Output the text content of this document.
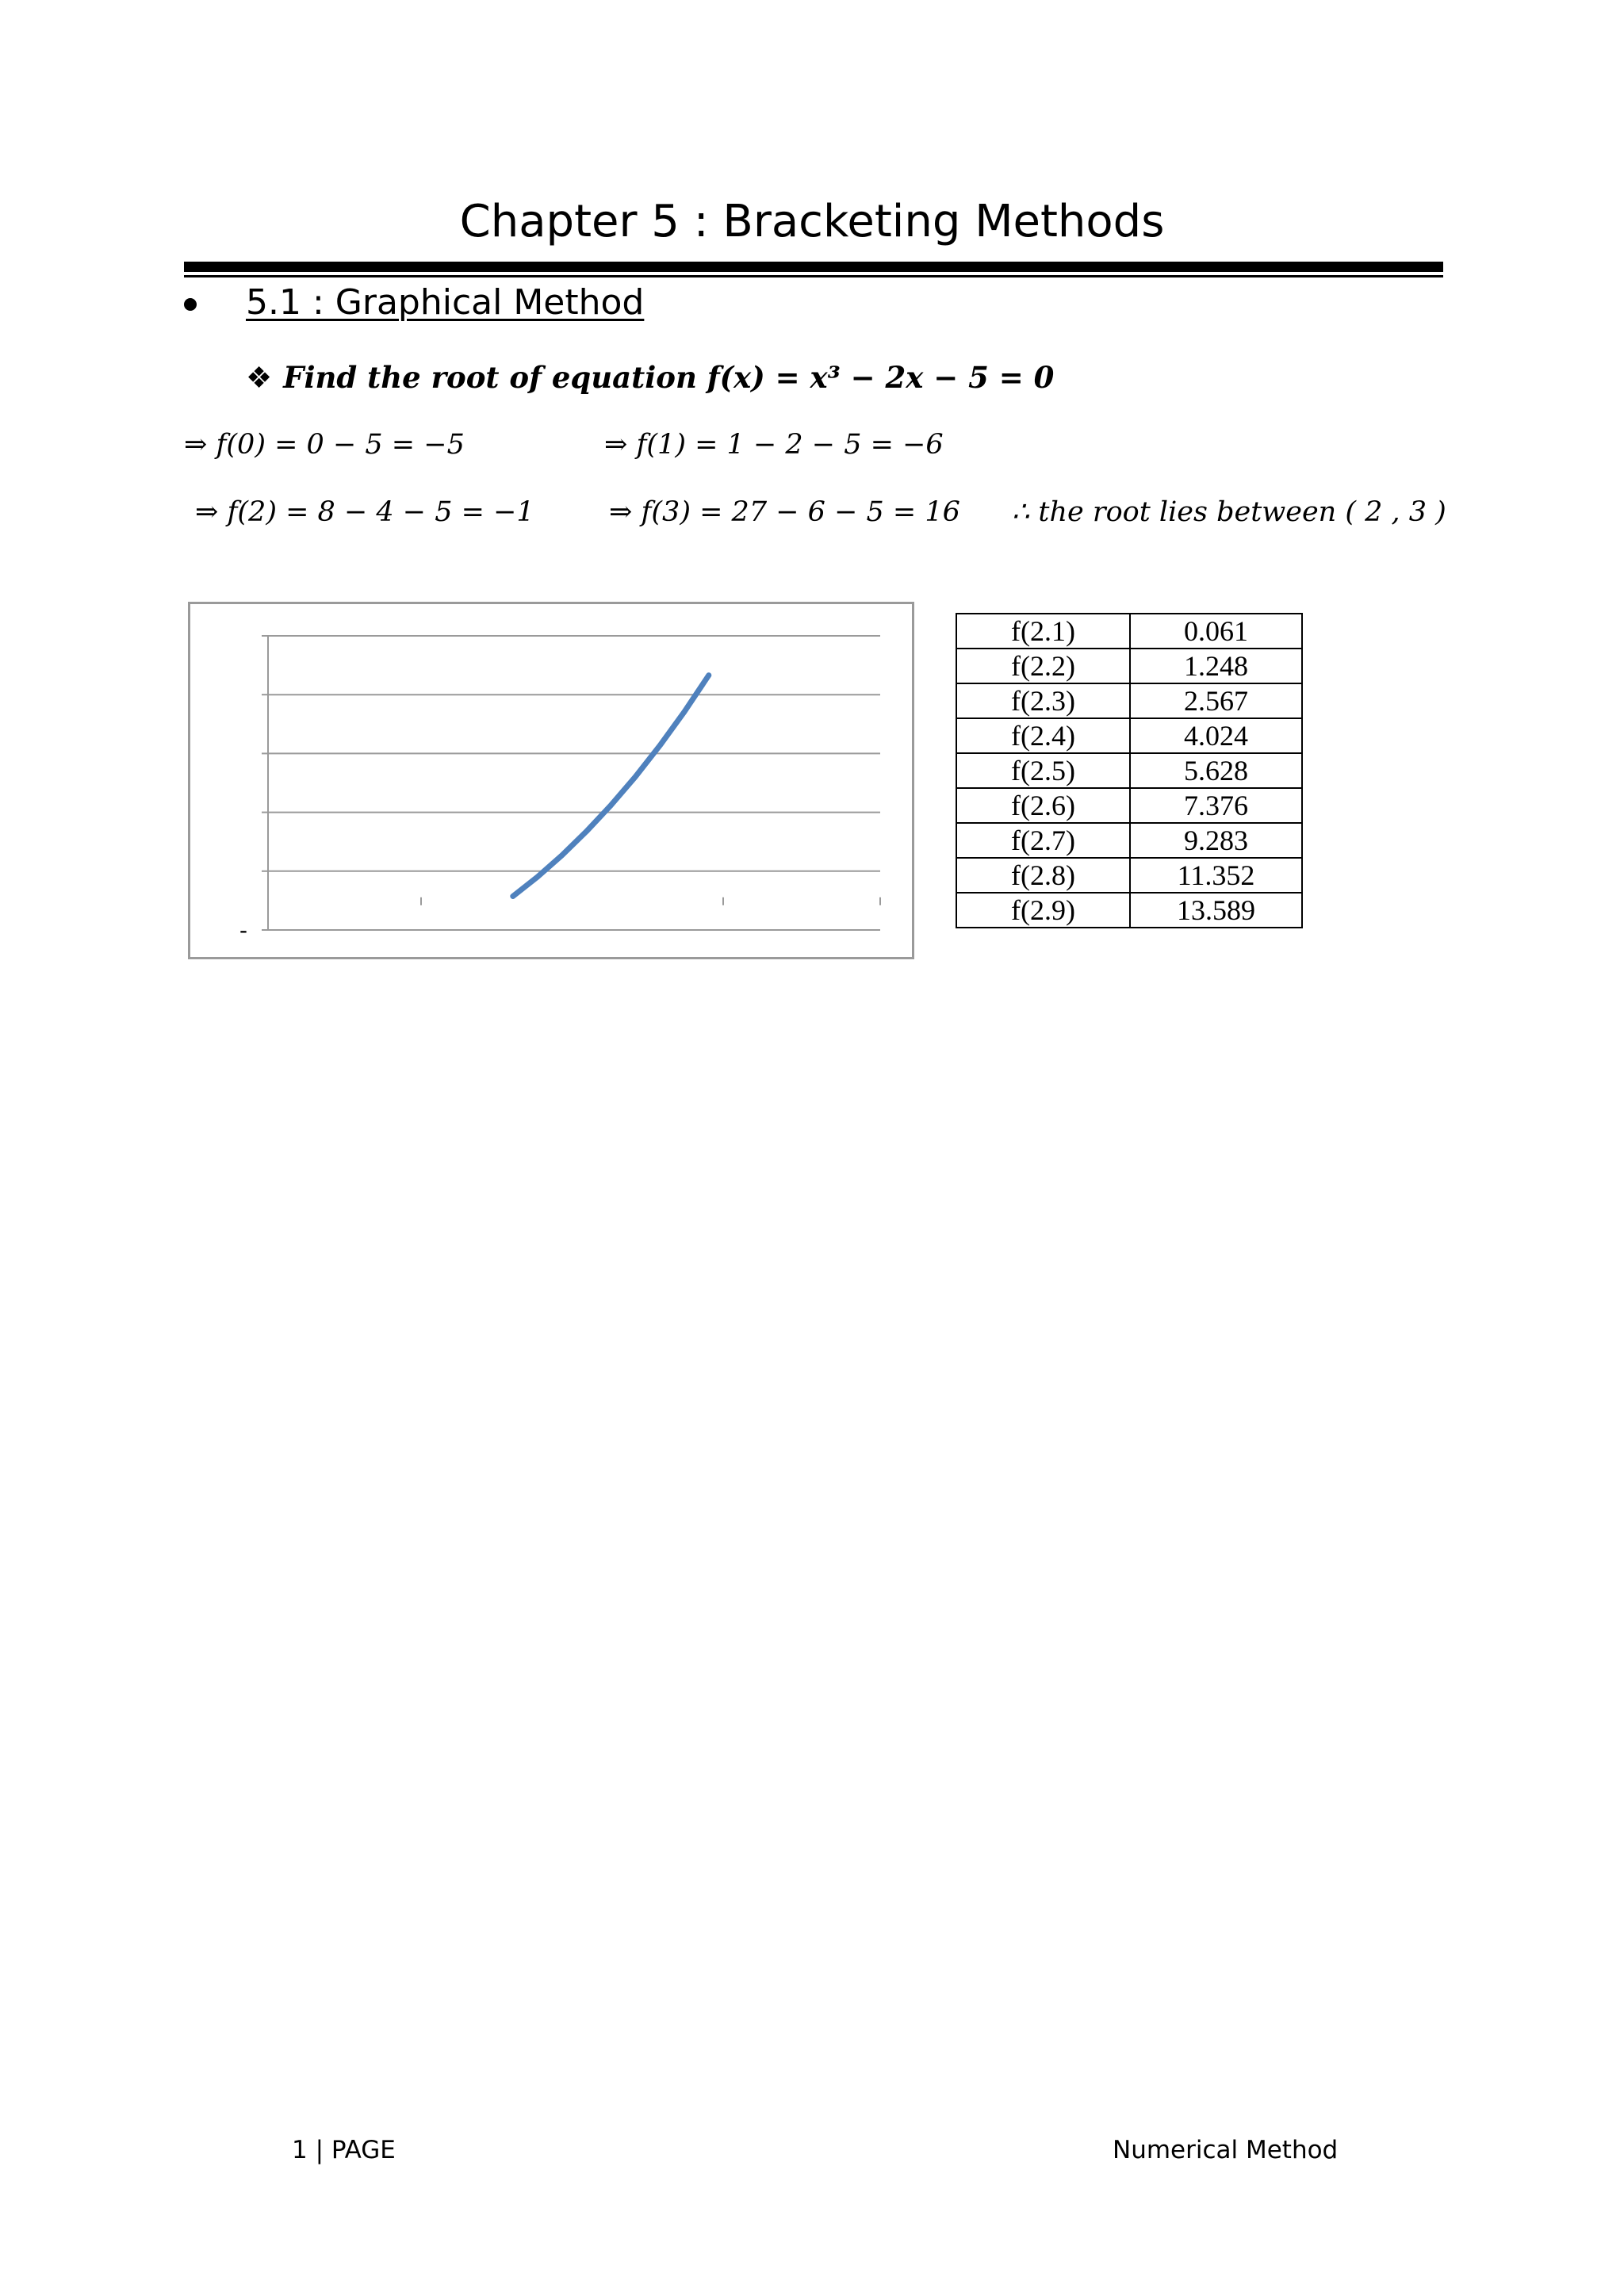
Chapter 5 : Bracketing Methods
5.1 : Graphical Method
❖ Find the root of equation f(x) = x³ − 2x − 5 = 0
⇒ f(0) = 0 − 5 = −5	⇒ f(1) = 1 − 2 − 5 = −6
⇒ f(2) = 8 − 4 − 5 = −1	⇒ f(3) = 27 − 6 − 5 = 16 ∴ the root lies between ( 2 , 3 )
-
f(2.1)	0.061
f(2.2)	1.248
f(2.3)	2.567
f(2.4)	4.024
f(2.5)	5.628
f(2.6)	7.376
f(2.7)	9.283
f(2.8)	11.352
f(2.9)	13.589
1 | PAGE	Numerical Method
